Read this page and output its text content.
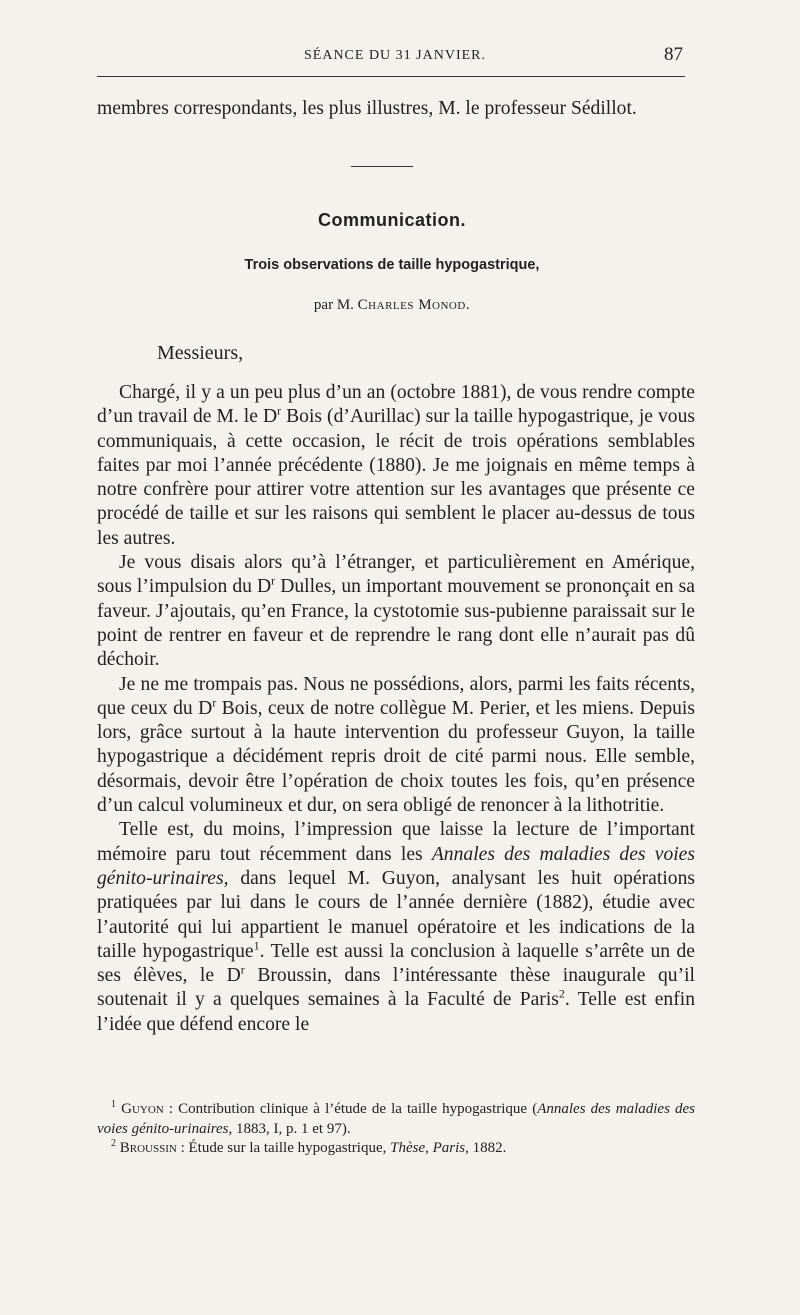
SÉANCE DU 31 JANVIER.	87

membres correspondants, les plus illustres, M. le professeur Sédillot.

Communication.
Trois observations de taille hypogastrique,
par M. Charles Monod.
Messieurs,

Chargé, il y a un peu plus d’un an (octobre 1881), de vous rendre compte d’un travail de M. le $D^r$ Bois (d’Aurillac) sur la taille hypogastrique, je vous communiquais, à cette occasion, le récit de trois opérations semblables faites par moi l’année précédente (1880). Je me joignais en même temps à notre confrère pour attirer votre attention sur les avantages que présente ce procédé de taille et sur les raisons qui semblent le placer au-dessus de tous les autres.

Je vous disais alors qu’à l’étranger, et particulièrement en Amérique, sous l’impulsion du $D^r$ Dulles, un important mouvement se prononçait en sa faveur. J’ajoutais, qu’en France, la cystotomie sus-pubienne paraissait sur le point de rentrer en faveur et de reprendre le rang dont elle n’aurait pas dû déchoir.

Je ne me trompais pas. Nous ne possédions, alors, parmi les faits récents, que ceux du $D^r$ Bois, ceux de notre collègue M. Perier, et les miens. Depuis lors, grâce surtout à la haute intervention du professeur Guyon, la taille hypogastrique a décidément repris droit de cité parmi nous. Elle semble, désormais, devoir être l’opération de choix toutes les fois, qu’en présence d’un calcul volumineux et dur, on sera obligé de renoncer à la lithotritie.

Telle est, du moins, l’impression que laisse la lecture de l’important mémoire paru tout récemment dans les Annales des maladies des voies génito-urinaires, dans lequel M. Guyon, analysant les huit opérations pratiquées par lui dans le cours de l’année dernière (1882), étudie avec l’autorité qui lui appartient le manuel opératoire et les indications de la taille hypogastrique$^1$. Telle est aussi la conclusion à laquelle s’arrête un de ses élèves, le $D^r$ Broussin, dans l’intéressante thèse inaugurale qu’il soutenait il y a quelques semaines à la Faculté de Paris$^2$. Telle est enfin l’idée que défend encore le

$^1$ Guyon : Contribution clinique à l’étude de la taille hypogastrique (Annales des maladies des voies génito-urinaires, 1883, I, p. 1 et 97).

$^2$ Broussin : Étude sur la taille hypogastrique, Thèse, Paris, 1882.
